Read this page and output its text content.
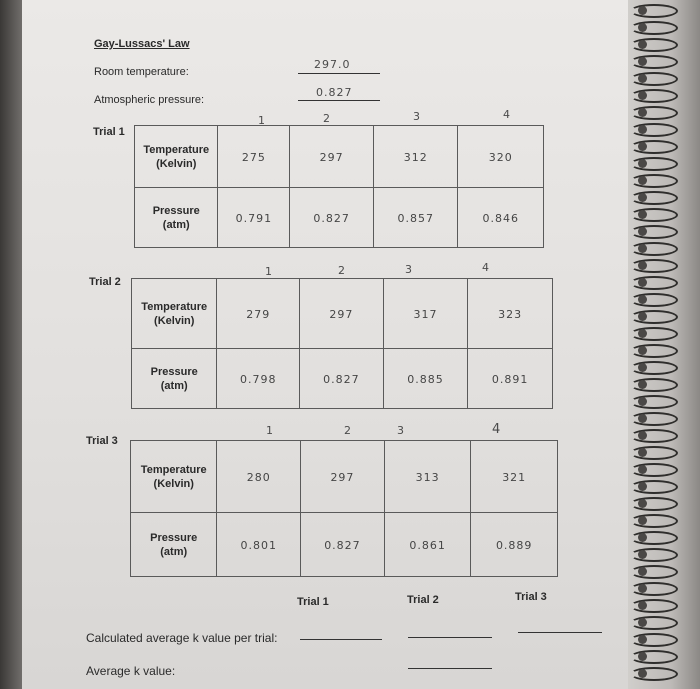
Gay-Lussacs' Law
Room temperature:
297.0
Atmospheric pressure:
0.827
Trial 1
1	2	3	4
Temperature
(Kelvin)	275	297	312	320

Pressure
(atm)	0.791	0.827	0.857	0.846
Trial 2
1	2	3	4
Temperature
(Kelvin)	279	297	317	323

Pressure
(atm)	0.798	0.827	0.885	0.891
Trial 3
1	2	3	4
Temperature
(Kelvin)	280	297	313	321

Pressure
(atm)	0.801	0.827	0.861	0.889
Trial 1	Trial 2	Trial 3
Calculated average k value per trial:
Average k value:
